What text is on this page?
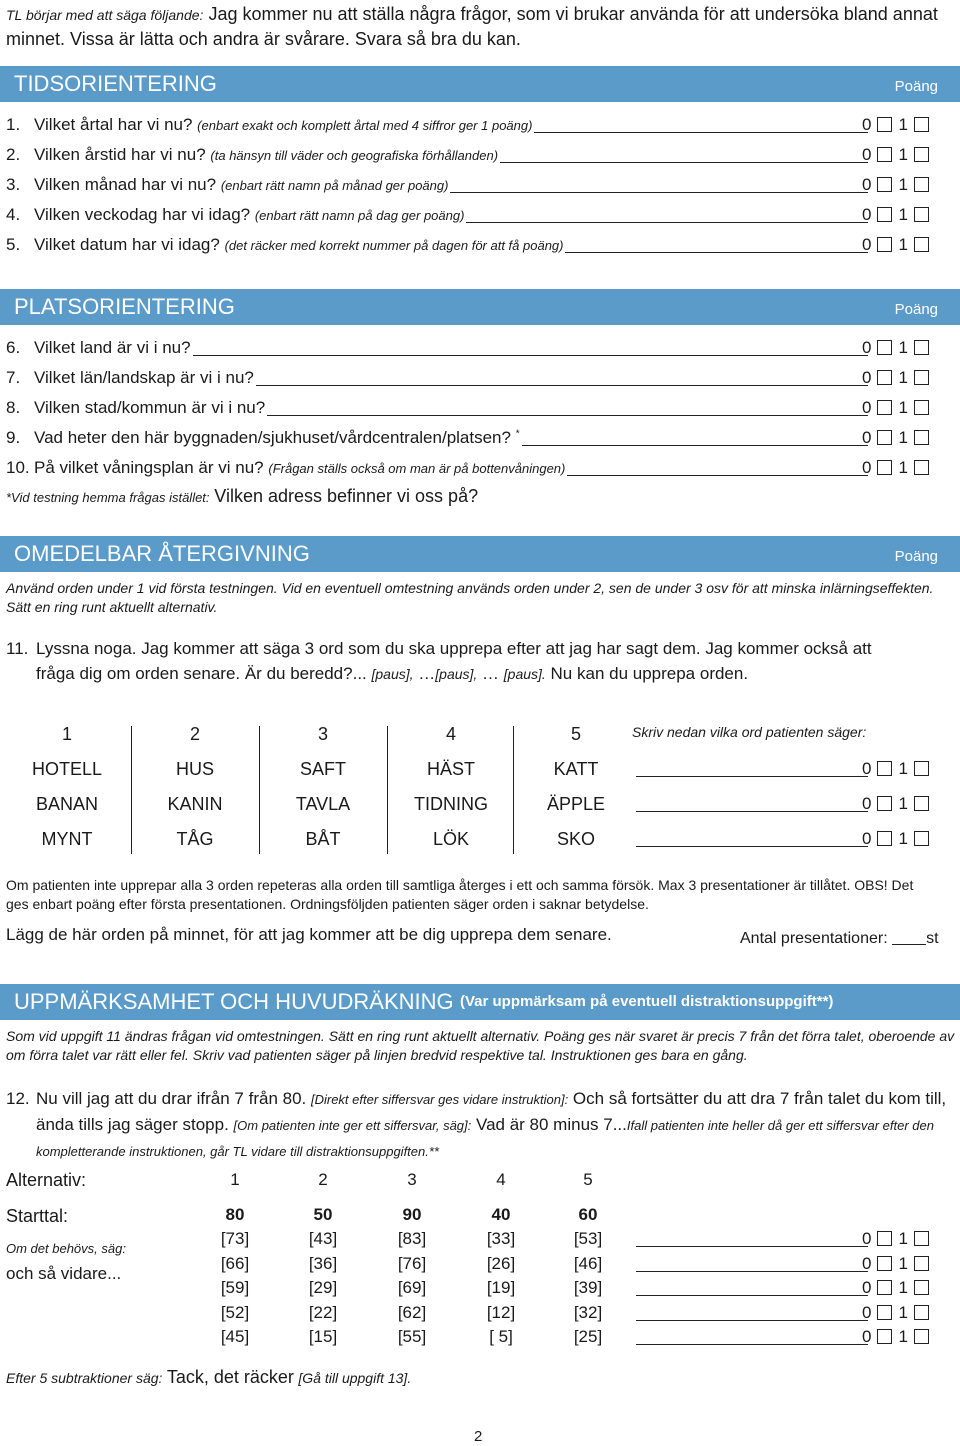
TL börjar med att säga följande: Jag kommer nu att ställa några frågor, som vi brukar använda för att undersöka bland annat minnet. Vissa är lätta och andra är svårare. Svara så bra du kan.
TIDSORIENTERING	Poäng
1. Vilket årtal har vi nu? (enbart exakt och komplett årtal med 4 siffror ger 1 poäng)	0 1
2. Vilken årstid har vi nu? (ta hänsyn till väder och geografiska förhållanden)	0 1
3. Vilken månad har vi nu? (enbart rätt namn på månad ger poäng)	0 1
4. Vilken veckodag har vi idag? (enbart rätt namn på dag ger poäng)	0 1
5. Vilket datum har vi idag? (det räcker med korrekt nummer på dagen för att få poäng)	0 1
PLATSORIENTERING	Poäng
6. Vilket land är vi i nu?	0 1
7. Vilket län/landskap är vi i nu?	0 1
8. Vilken stad/kommun är vi i nu?	0 1
9. Vad heter den här byggnaden/sjukhuset/vårdcentralen/platsen? *	0 1
10. På vilket våningsplan är vi nu? (Frågan ställs också om man är på bottenvåningen)	0 1
*Vid testning hemma frågas istället: Vilken adress befinner vi oss på?
OMEDELBAR ÅTERGIVNING	Poäng
Använd orden under 1 vid första testningen. Vid en eventuell omtestning används orden under 2, sen de under 3 osv för att minska inlärningseffekten. Sätt en ring runt aktuellt alternativ.
11. Lyssna noga. Jag kommer att säga 3 ord som du ska upprepa efter att jag har sagt dem. Jag kommer också att fråga dig om orden senare. Är du beredd?... [paus], …[paus], … [paus]. Nu kan du upprepa orden.
1	2	3	4	5	Skriv nedan vilka ord patienten säger:
HOTELL	HUS	SAFT	HÄST	KATT	0 1
BANAN	KANIN	TAVLA	TIDNING	ÄPPLE	0 1
MYNT	TÅG	BÅT	LÖK	SKO	0 1
Om patienten inte upprepar alla 3 orden repeteras alla orden till samtliga återges i ett och samma försök. Max 3 presentationer är tillåtet. OBS! Det ges enbart poäng efter första presentationen. Ordningsföljden patienten säger orden i saknar betydelse.
Lägg de här orden på minnet, för att jag kommer att be dig upprepa dem senare.	Antal presentationer: st
UPPMÄRKSAMHET OCH HUVUDRÄKNING (Var uppmärksam på eventuell distraktionsuppgift**)
Som vid uppgift 11 ändras frågan vid omtestningen. Sätt en ring runt aktuellt alternativ. Poäng ges när svaret är precis 7 från det förra talet, oberoende av om förra talet var rätt eller fel. Skriv vad patienten säger på linjen bredvid respektive tal. Instruktionen ges bara en gång.
12. Nu vill jag att du drar ifrån 7 från 80. [Direkt efter siffersvar ges vidare instruktion]: Och så fortsätter du att dra 7 från talet du kom till, ända tills jag säger stopp. [Om patienten inte ger ett siffersvar, säg]: Vad är 80 minus 7...Ifall patienten inte heller då ger ett siffersvar efter den kompletterande instruktionen, går TL vidare till distraktionsuppgiften.**
Alternativ:
Starttal:
Om det behövs, säg:
och så vidare...
1	2	3	4	5
80	50	90	40	60
[73]	[43]	[83]	[33]	[53]	0 1
[66]	[36]	[76]	[26]	[46]	0 1
[59]	[29]	[69]	[19]	[39]	0 1
[52]	[22]	[62]	[12]	[32]	0 1
[45]	[15]	[55]	[ 5]	[25]	0 1
Efter 5 subtraktioner säg: Tack, det räcker [Gå till uppgift 13].
2
